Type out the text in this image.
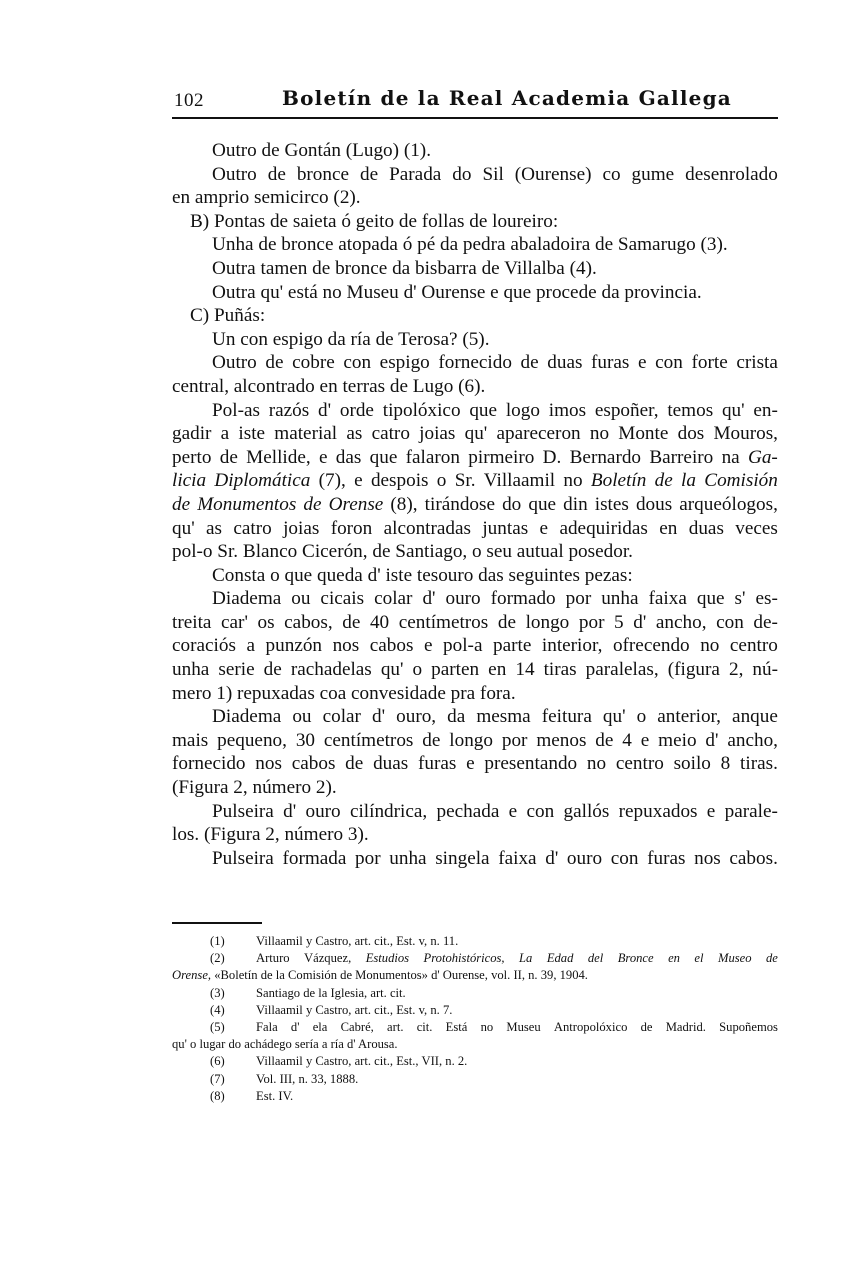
102	Boletín de la Real Academia Gallega
Outro de Gontán (Lugo) (1).
Outro de bronce de Parada do Sil (Ourense) co gume desenrolado
en amprio semicirco (2).
B) Pontas de saieta ó geito de follas de loureiro:
Unha de bronce atopada ó pé da pedra abaladoira de Samarugo (3).
Outra tamen de bronce da bisbarra de Villalba (4).
Outra qu' está no Museu d' Ourense e que procede da provincia.
C) Puñás:
Un con espigo da ría de Terosa? (5).
Outro de cobre con espigo fornecido de duas furas e con forte crista
central, alcontrado en terras de Lugo (6).
Pol-as razós d' orde tipolóxico que logo imos espoñer, temos qu' en-
gadir a iste material as catro joias qu' apareceron no Monte dos Mouros,
perto de Mellide, e das que falaron pirmeiro D. Bernardo Barreiro na Ga-
licia Diplomática (7), e despois o Sr. Villaamil no Boletín de la Comisión
de Monumentos de Orense (8), tirándose do que din istes dous arqueólogos,
qu' as catro joias foron alcontradas juntas e adequiridas en duas veces
pol-o Sr. Blanco Cicerón, de Santiago, o seu autual posedor.
Consta o que queda d' iste tesouro das seguintes pezas:
Diadema ou cicais colar d' ouro formado por unha faixa que s' es-
treita car' os cabos, de 40 centímetros de longo por 5 d' ancho, con de-
coraciós a punzón nos cabos e pol-a parte interior, ofrecendo no centro
unha serie de rachadelas qu' o parten en 14 tiras paralelas, (figura 2, nú-
mero 1) repuxadas coa convesidade pra fora.
Diadema ou colar d' ouro, da mesma feitura qu' o anterior, anque
mais pequeno, 30 centímetros de longo por menos de 4 e meio d' ancho,
fornecido nos cabos de duas furas e presentando no centro soilo 8 tiras.
(Figura 2, número 2).
Pulseira d' ouro cilíndrica, pechada e con gallós repuxados e parale-
los. (Figura 2, número 3).
Pulseira formada por unha singela faixa d' ouro con furas nos cabos.
(1) Villaamil y Castro, art. cit., Est. v, n. 11.
(2)	Arturo Vázquez, Estudios Protohistóricos, La Edad del Bronce en el Museo de
Orense, «Boletín de la Comisión de Monumentos» d' Ourense, vol. II, n. 39, 1904.
(3) Santiago de la Iglesia, art. cit.
(4) Villaamil y Castro, art. cit., Est. v, n. 7.
(5)	Fala d' ela Cabré, art. cit. Está no Museu Antropolóxico de Madrid. Supoñemos
qu' o lugar do achádego sería a ría d' Arousa.
(6) Villaamil y Castro, art. cit., Est., VII, n. 2.
(7) Vol. III, n. 33, 1888.
(8) Est. IV.
